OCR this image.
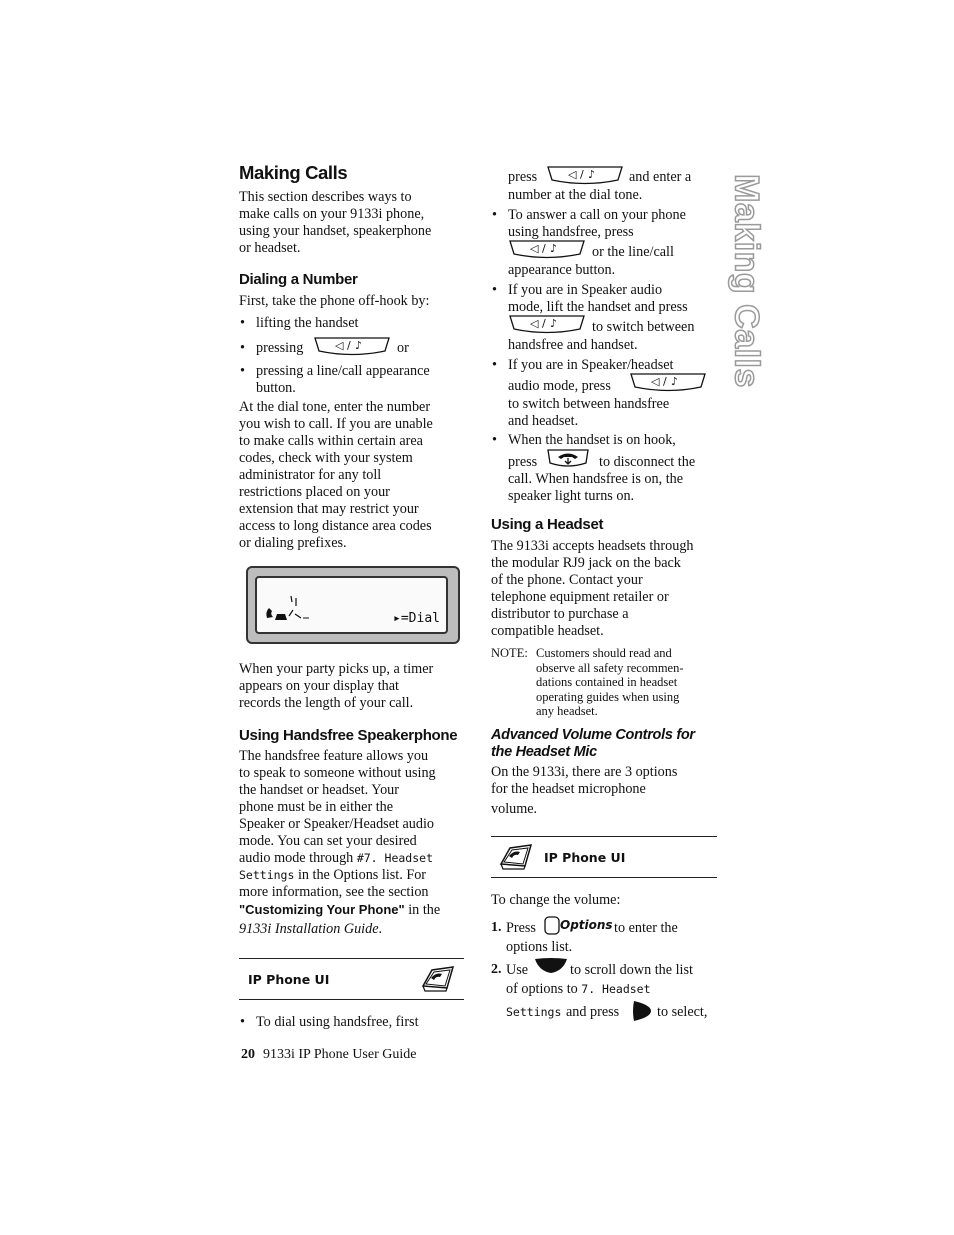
Making Calls
Making Calls
This section describes ways to
make calls on your 9133i phone,
using your handset, speakerphone
or headset.
Dialing a Number
First, take the phone off-hook by:
• lifting the handset
• pressing	◁ / ♪ or
• pressing a line/call appearance
button.
At the dial tone, enter the number
you wish to call. If you are unable
to make calls within certain area
codes, check with your system
administrator for any toll
restrictions placed on your
extension that may restrict your
access to long distance area codes
or dialing prefixes.
▸=Dial
When your party picks up, a timer
appears on your display that
records the length of your call.
Using Handsfree Speakerphone
The handsfree feature allows you
to speak to someone without using
the handset or headset. Your
phone must be in either the
Speaker or Speaker/Headset audio
mode. You can set your desired
audio mode through #7. Headset
Settings in the Options list. For
more information, see the section
"Customizing Your Phone" in the
9133i Installation Guide.
IP Phone UI
• To dial using handsfree, first
20 9133i IP Phone User Guide
press	◁ / ♪ and enter a
number at the dial tone.
• To answer a call on your phone
using handsfree, press
◁ / ♪ or the line/call
appearance button.
• If you are in Speaker audio
mode, lift the handset and press
◁ / ♪ to switch between
handsfree and handset.
• If you are in Speaker/headset
audio mode, press	◁ / ♪
to switch between handsfree
and headset.
• When the handset is on hook,
press	to disconnect the
call. When handsfree is on, the
speaker light turns on.
Using a Headset
The 9133i accepts headsets through
the modular RJ9 jack on the back
of the phone. Contact your
telephone equipment retailer or
distributor to purchase a
compatible headset.
NOTE: Customers should read and
observe all safety recommen-
dations contained in headset
operating guides when using
any headset.
Advanced Volume Controls for
the Headset Mic
On the 9133i, there are 3 options
for the headset microphone
volume.
IP Phone UI
To change the volume:
1. Press Options to enter the
options list.
2. Use	to scroll down the list
of options to 7. Headset
Settings and press	to select,
